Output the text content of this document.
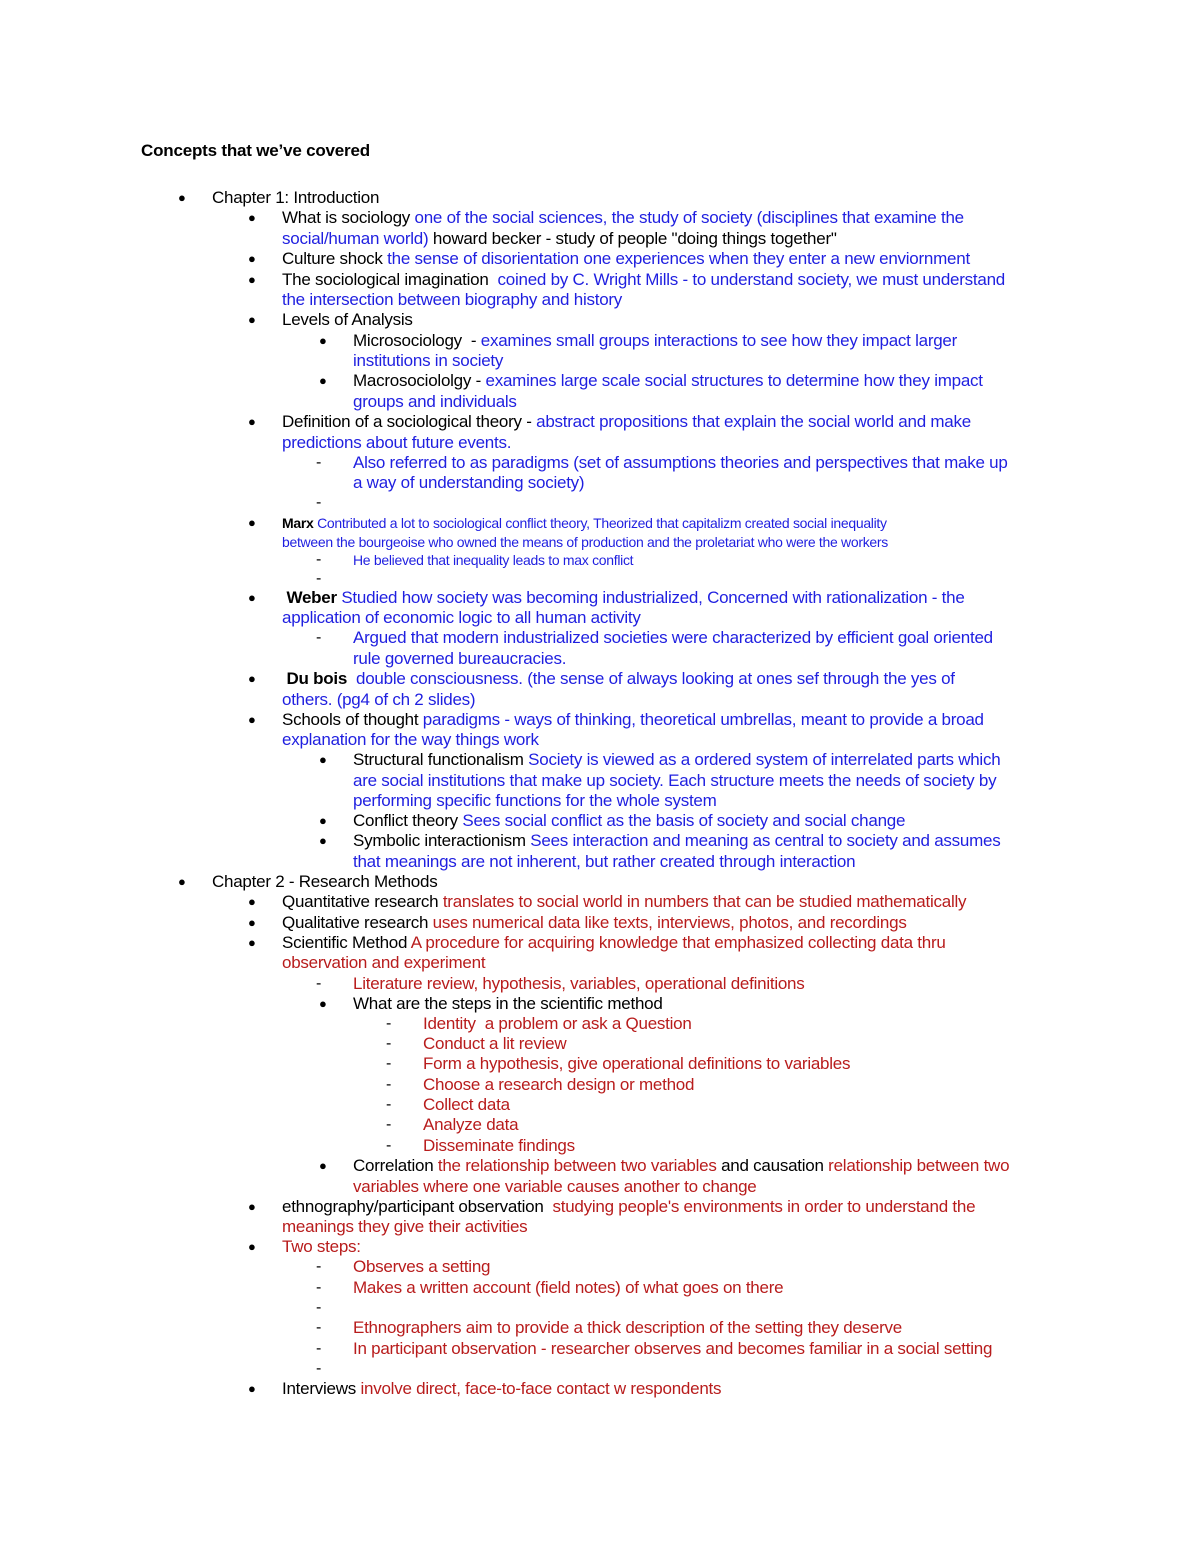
Concepts that we’ve covered
● Chapter 1: Introduction
● What is sociology one of the social sciences, the study of society (disciplines that examine the
social/human world) howard becker - study of people "doing things together"
● Culture shock the sense of disorientation one experiences when they enter a new enviornment
● The sociological imagination  coined by C. Wright Mills - to understand society, we must understand
the intersection between biography and history
● Levels of Analysis
● Microsociology  - examines small groups interactions to see how they impact larger
institutions in society
● Macrosociololgy - examines large scale social structures to determine how they impact
groups and individuals
● Definition of a sociological theory - abstract propositions that explain the social world and make
predictions about future events.
- Also referred to as paradigms (set of assumptions theories and perspectives that make up
a way of understanding society)
-
● Marx Contributed a lot to sociological conflict theory, Theorized that capitalizm created social inequality
between the bourgeoise who owned the means of production and the proletariat who were the workers
- He believed that inequality leads to max conflict
-
● Weber Studied how society was becoming industrialized, Concerned with rationalization - the
application of economic logic to all human activity
- Argued that modern industrialized societies were characterized by efficient goal oriented
rule governed bureaucracies.
● Du bois  double consciousness. (the sense of always looking at ones sef through the yes of
others. (pg4 of ch 2 slides)
● Schools of thought paradigms - ways of thinking, theoretical umbrellas, meant to provide a broad
explanation for the way things work
● Structural functionalism Society is viewed as a ordered system of interrelated parts which
are social institutions that make up society. Each structure meets the needs of society by
performing specific functions for the whole system
● Conflict theory Sees social conflict as the basis of society and social change
● Symbolic interactionism Sees interaction and meaning as central to society and assumes
that meanings are not inherent, but rather created through interaction
● Chapter 2 - Research Methods
● Quantitative research translates to social world in numbers that can be studied mathematically
● Qualitative research uses numerical data like texts, interviews, photos, and recordings
● Scientific Method A procedure for acquiring knowledge that emphasized collecting data thru
observation and experiment
- Literature review, hypothesis, variables, operational definitions
● What are the steps in the scientific method
- Identity  a problem or ask a Question
- Conduct a lit review
- Form a hypothesis, give operational definitions to variables
- Choose a research design or method
- Collect data
- Analyze data
- Disseminate findings
● Correlation the relationship between two variables and causation relationship between two
variables where one variable causes another to change
● ethnography/participant observation  studying people's environments in order to understand the
meanings they give their activities
● Two steps:
- Observes a setting
- Makes a written account (field notes) of what goes on there
-
- Ethnographers aim to provide a thick description of the setting they deserve
- In participant observation - researcher observes and becomes familiar in a social setting
-
● Interviews involve direct, face-to-face contact w respondents
